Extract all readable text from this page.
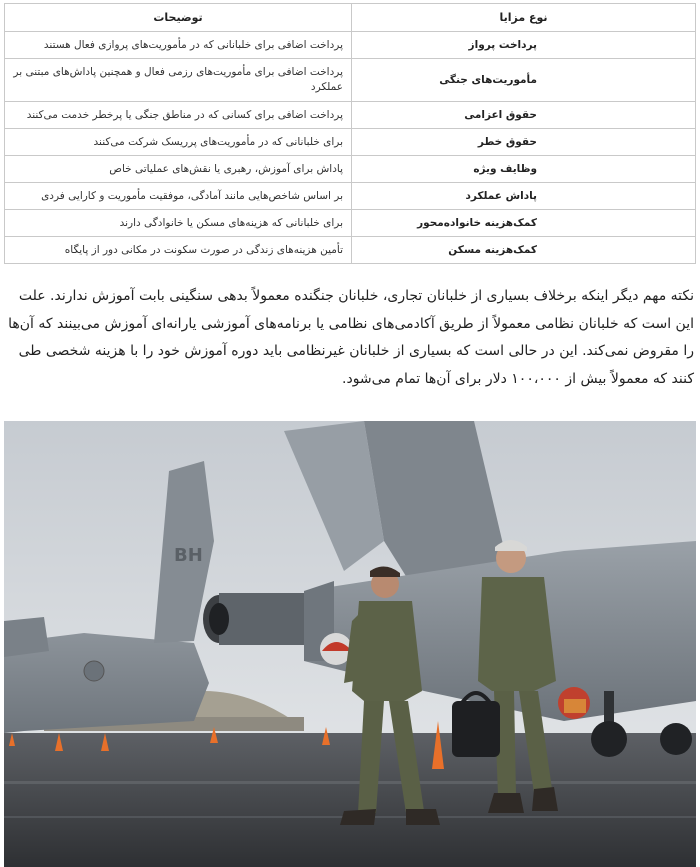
نوع مزایا	توضیحات
پرداخت پرواز	پرداخت اضافی برای خلبانانی که در مأموریت‌های پروازی فعال هستند
مأموریت‌های جنگی	پرداخت اضافی برای مأموریت‌های رزمی فعال و همچنین پاداش‌های مبتنی بر عملکرد
حقوق اعزامی	پرداخت اضافی برای کسانی که در مناطق جنگی یا پرخطر خدمت می‌کنند
حقوق خطر	برای خلبانانی که در مأموریت‌های پرریسک شرکت می‌کنند
وظایف ویژه	پاداش برای آموزش، رهبری یا نقش‌های عملیاتی خاص
پاداش عملکرد	بر اساس شاخص‌هایی مانند آمادگی، موفقیت مأموریت و کارایی فردی
کمک‌هزینه خانواده‌محور	برای خلبانانی که هزینه‌های مسکن یا خانوادگی دارند
کمک‌هزینه مسکن	تأمین هزینه‌های زندگی در صورت سکونت در مکانی دور از پایگاه

نکته مهم دیگر اینکه برخلاف بسیاری از خلبانان تجاری، خلبانان جنگنده معمولاً بدهی سنگینی بابت آموزش ندارند. علت این است که خلبانان نظامی معمولاً از طریق آکادمی‌های نظامی یا برنامه‌های آموزشی یارانه‌ای آموزش می‌بینند که آن‌ها را مقروض نمی‌کند. این در حالی است که بسیاری از خلبانان غیرنظامی باید دوره آموزش خود را با هزینه شخصی طی کنند که معمولاً بیش از ۱۰۰،۰۰۰ دلار برای آن‌ها تمام می‌شود.

BH
